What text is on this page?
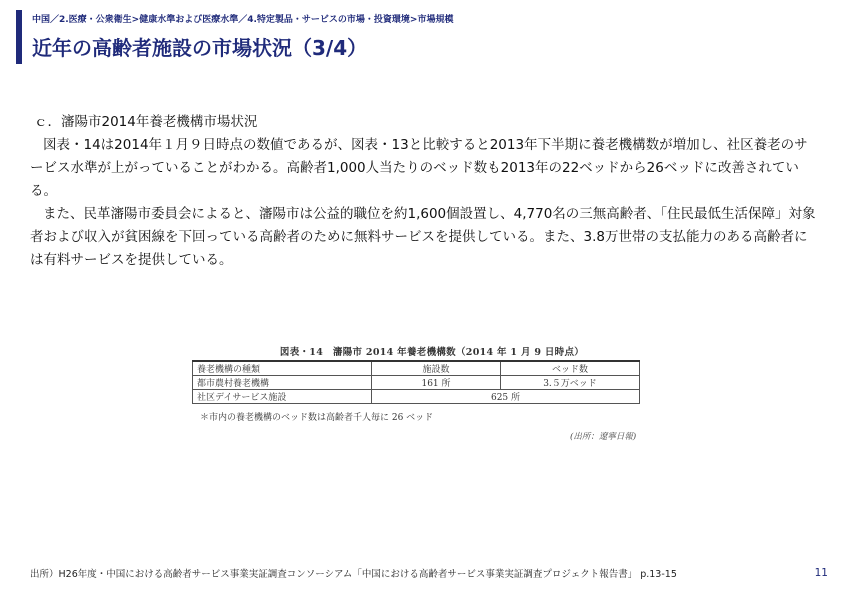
中国／2.医療・公衆衛生>健康水準および医療水準／4.特定製品・サービスの市場・投資環境>市場規模
近年の高齢者施設の市場状況（3/4）

ｃ．瀋陽市2014年養老機構市場状況

図表・14は2014年１月９日時点の数値であるが、図表・13と比較すると2013年下半期に養老機構数が増加し、社区養老のサービス水準が上がっていることがわかる。高齢者1,000人当たりのベッド数も2013年の22ベッドから26ベッドに改善されている。

また、民革瀋陽市委員会によると、瀋陽市は公益的職位を約1,600個設置し、4,770名の三無高齢者、「住民最低生活保障」対象者および収入が貧困線を下回っている高齢者のために無料サービスを提供している。また、3.8万世帯の支払能力のある高齢者には有料サービスを提供している。

図表・14　瀋陽市 2014 年養老機構数（2014 年 1 月 9 日時点）
養老機構の種類	施設数	ベッド数
都市農村養老機構	161 所	3.５万ベッド
社区デイサービス施設	625 所	
＊市内の養老機構のベッド数は高齢者千人毎に 26 ベッド
(出所：遼寧日報)
出所）H26年度・中国における高齢者サービス事業実証調査コンソーシアム「中国における高齢者サービス事業実証調査プロジェクト報告書」 p.13-15	11
